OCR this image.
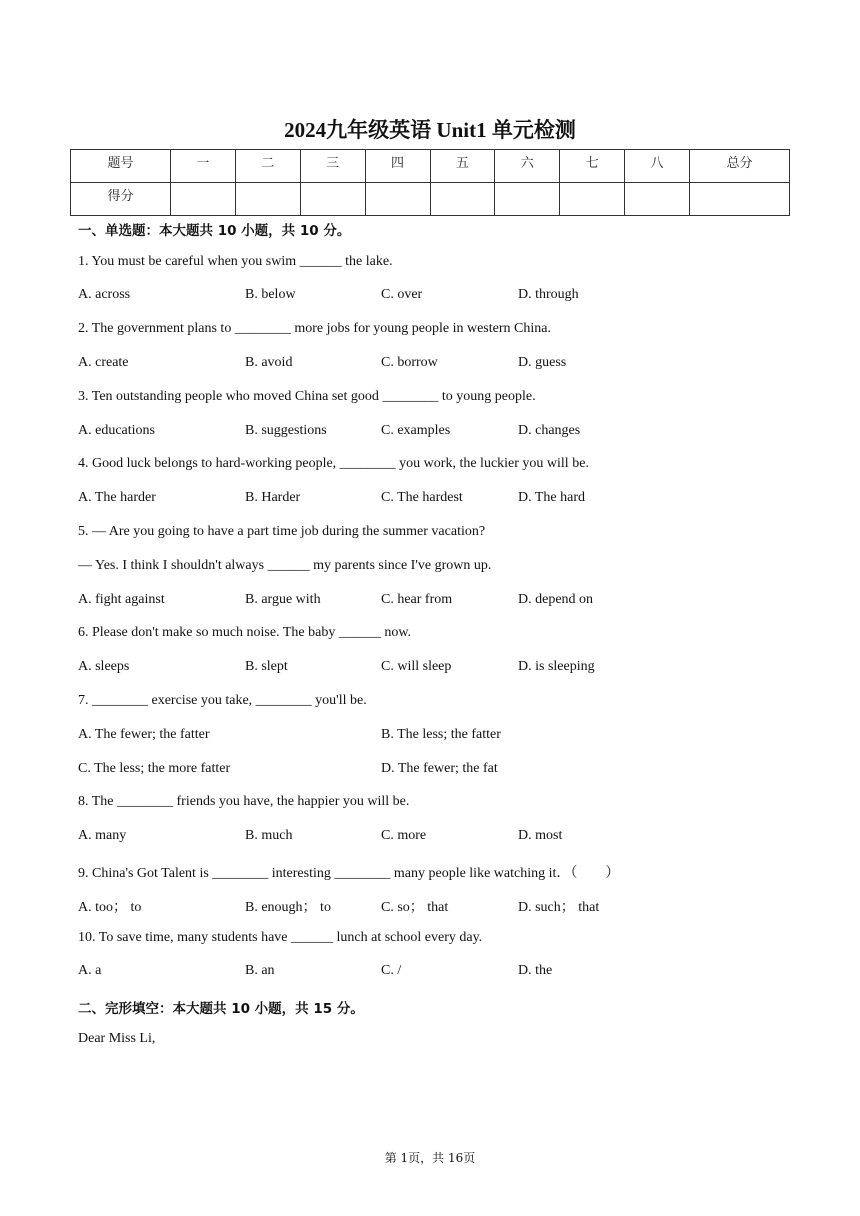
2024九年级英语 Unit1 单元检测
题号	一	二	三	四	五	六	七	八	总分
得分									
一、单选题：本大题共 10 小题，共 10 分。
1. You must be careful when you swim ______ the lake.
A. across	B. below	C. over	D. through
2. The government plans to ________ more jobs for young people in western China.
A. create	B. avoid	C. borrow	D. guess
3. Ten outstanding people who moved China set good ________ to young people.
A. educations	B. suggestions	C. examples	D. changes
4. Good luck belongs to hard-working people, ________ you work, the luckier you will be.
A. The harder	B. Harder	C. The hardest	D. The hard
5. — Are you going to have a part time job during the summer vacation?
— Yes. I think I shouldn't always ______ my parents since I've grown up.
A. fight against	B. argue with	C. hear from	D. depend on
6. Please don't make so much noise. The baby ______ now.
A. sleeps	B. slept	C. will sleep	D. is sleeping
7. ________ exercise you take, ________ you'll be.
A. The fewer; the fatter	B. The less; the fatter
C. The less; the more fatter	D. The fewer; the fat
8. The ________ friends you have, the happier you will be.
A. many	B. much	C. more	D. most
9. China's Got Talent is ________ interesting ________ many people like watching it．（　　）
A. too； to	B. enough； to	C. so； that	D. such； that
10. To save time, many students have ______ lunch at school every day.
A. a	B. an	C. /	D. the
二、完形填空：本大题共 10 小题，共 15 分。
Dear Miss Li,
第 1页，共 16页
